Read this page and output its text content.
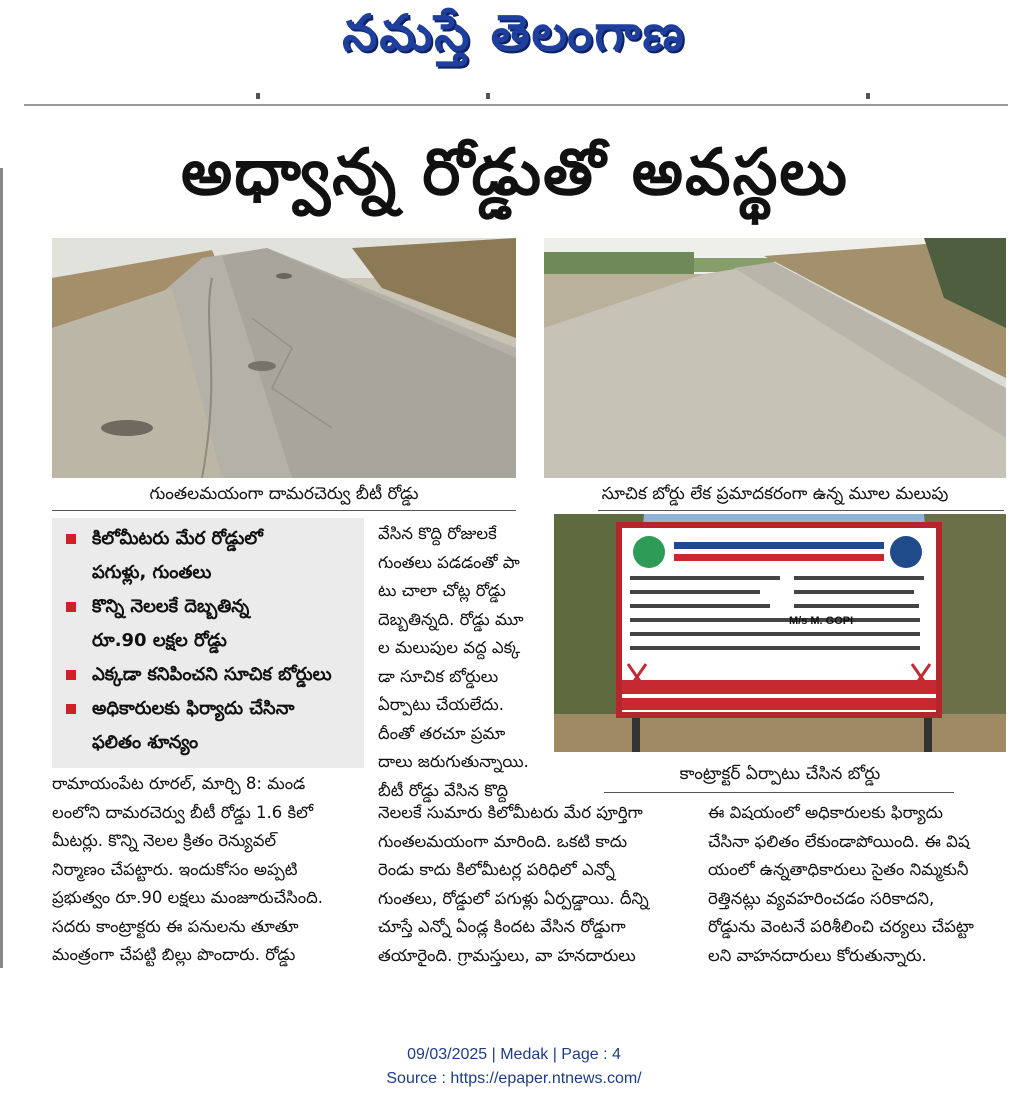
నమస్తే తెలంగాణ
అధ్వాన్న రోడ్డుతో అవస్థలు
గుంతలమయంగా దామరచెర్వు బీటీ రోడ్డు	సూచిక బోర్డు లేక ప్రమాదకరంగా ఉన్న మూల మలుపు
కిలోమీటరు మేర రోడ్డులో
పగుళ్లు, గుంతలు
కొన్ని నెలలకే దెబ్బతిన్న
రూ.90 లక్షల రోడ్డు
ఎక్కడా కనిపించని సూచిక బోర్డులు
అధికారులకు ఫిర్యాదు చేసినా
ఫలితం శూన్యం
M/s M. GOPI
కాంట్రాక్టర్ ఏర్పాటు చేసిన బోర్డు

వేసిన కొద్ది రోజులకే

గుంతలు పడడంతో పా

టు చాలా చోట్ల రోడ్డు

దెబ్బతిన్నది. రోడ్డు మూ

ల మలుపుల వద్ద ఎక్క

డా సూచిక బోర్డులు

ఏర్పాటు చేయలేదు.

దీంతో తరచూ ప్రమా

దాలు జరుగుతున్నాయి.

బీటీ రోడ్డు వేసిన కొద్ది

రామాయంపేట రూరల్, మార్చి 8: మండ

లంలోని దామరచెర్వు బీటీ రోడ్డు 1.6 కిలో

మీటర్లు. కొన్ని నెలల క్రితం రెన్యువల్

నిర్మాణం చేపట్టారు. ఇందుకోసం అప్పటి

ప్రభుత్వం రూ.90 లక్షలు మంజూరుచేసింది.

సదరు కాంట్రాక్టరు ఈ పనులను తూతూ

మంత్రంగా చేపట్టి బిల్లు పొందారు. రోడ్డు

నెలలకే సుమారు కిలోమీటరు మేర పూర్తిగా

గుంతలమయంగా మారింది. ఒకటి కాదు

రెండు కాదు కిలోమీటర్ల పరిధిలో ఎన్నో

గుంతలు, రోడ్డులో పగుళ్లు ఏర్పడ్డాయి. దీన్ని

చూస్తే ఎన్నో ఏండ్ల కిందట వేసిన రోడ్డుగా

తయారైంది. గ్రామస్తులు, వా హనదారులు

ఈ విషయంలో అధికారులకు ఫిర్యాదు

చేసినా ఫలితం లేకుండాపోయింది. ఈ విష

యంలో ఉన్నతాధికారులు సైతం నిమ్మకునీ

రెత్తినట్లు వ్యవహరించడం సరికాదని,

రోడ్డును వెంటనే పరిశీలించి చర్యలు చేపట్టా

లని వాహనదారులు కోరుతున్నారు.

09/03/2025 | Medak | Page : 4
Source : https://epaper.ntnews.com/
